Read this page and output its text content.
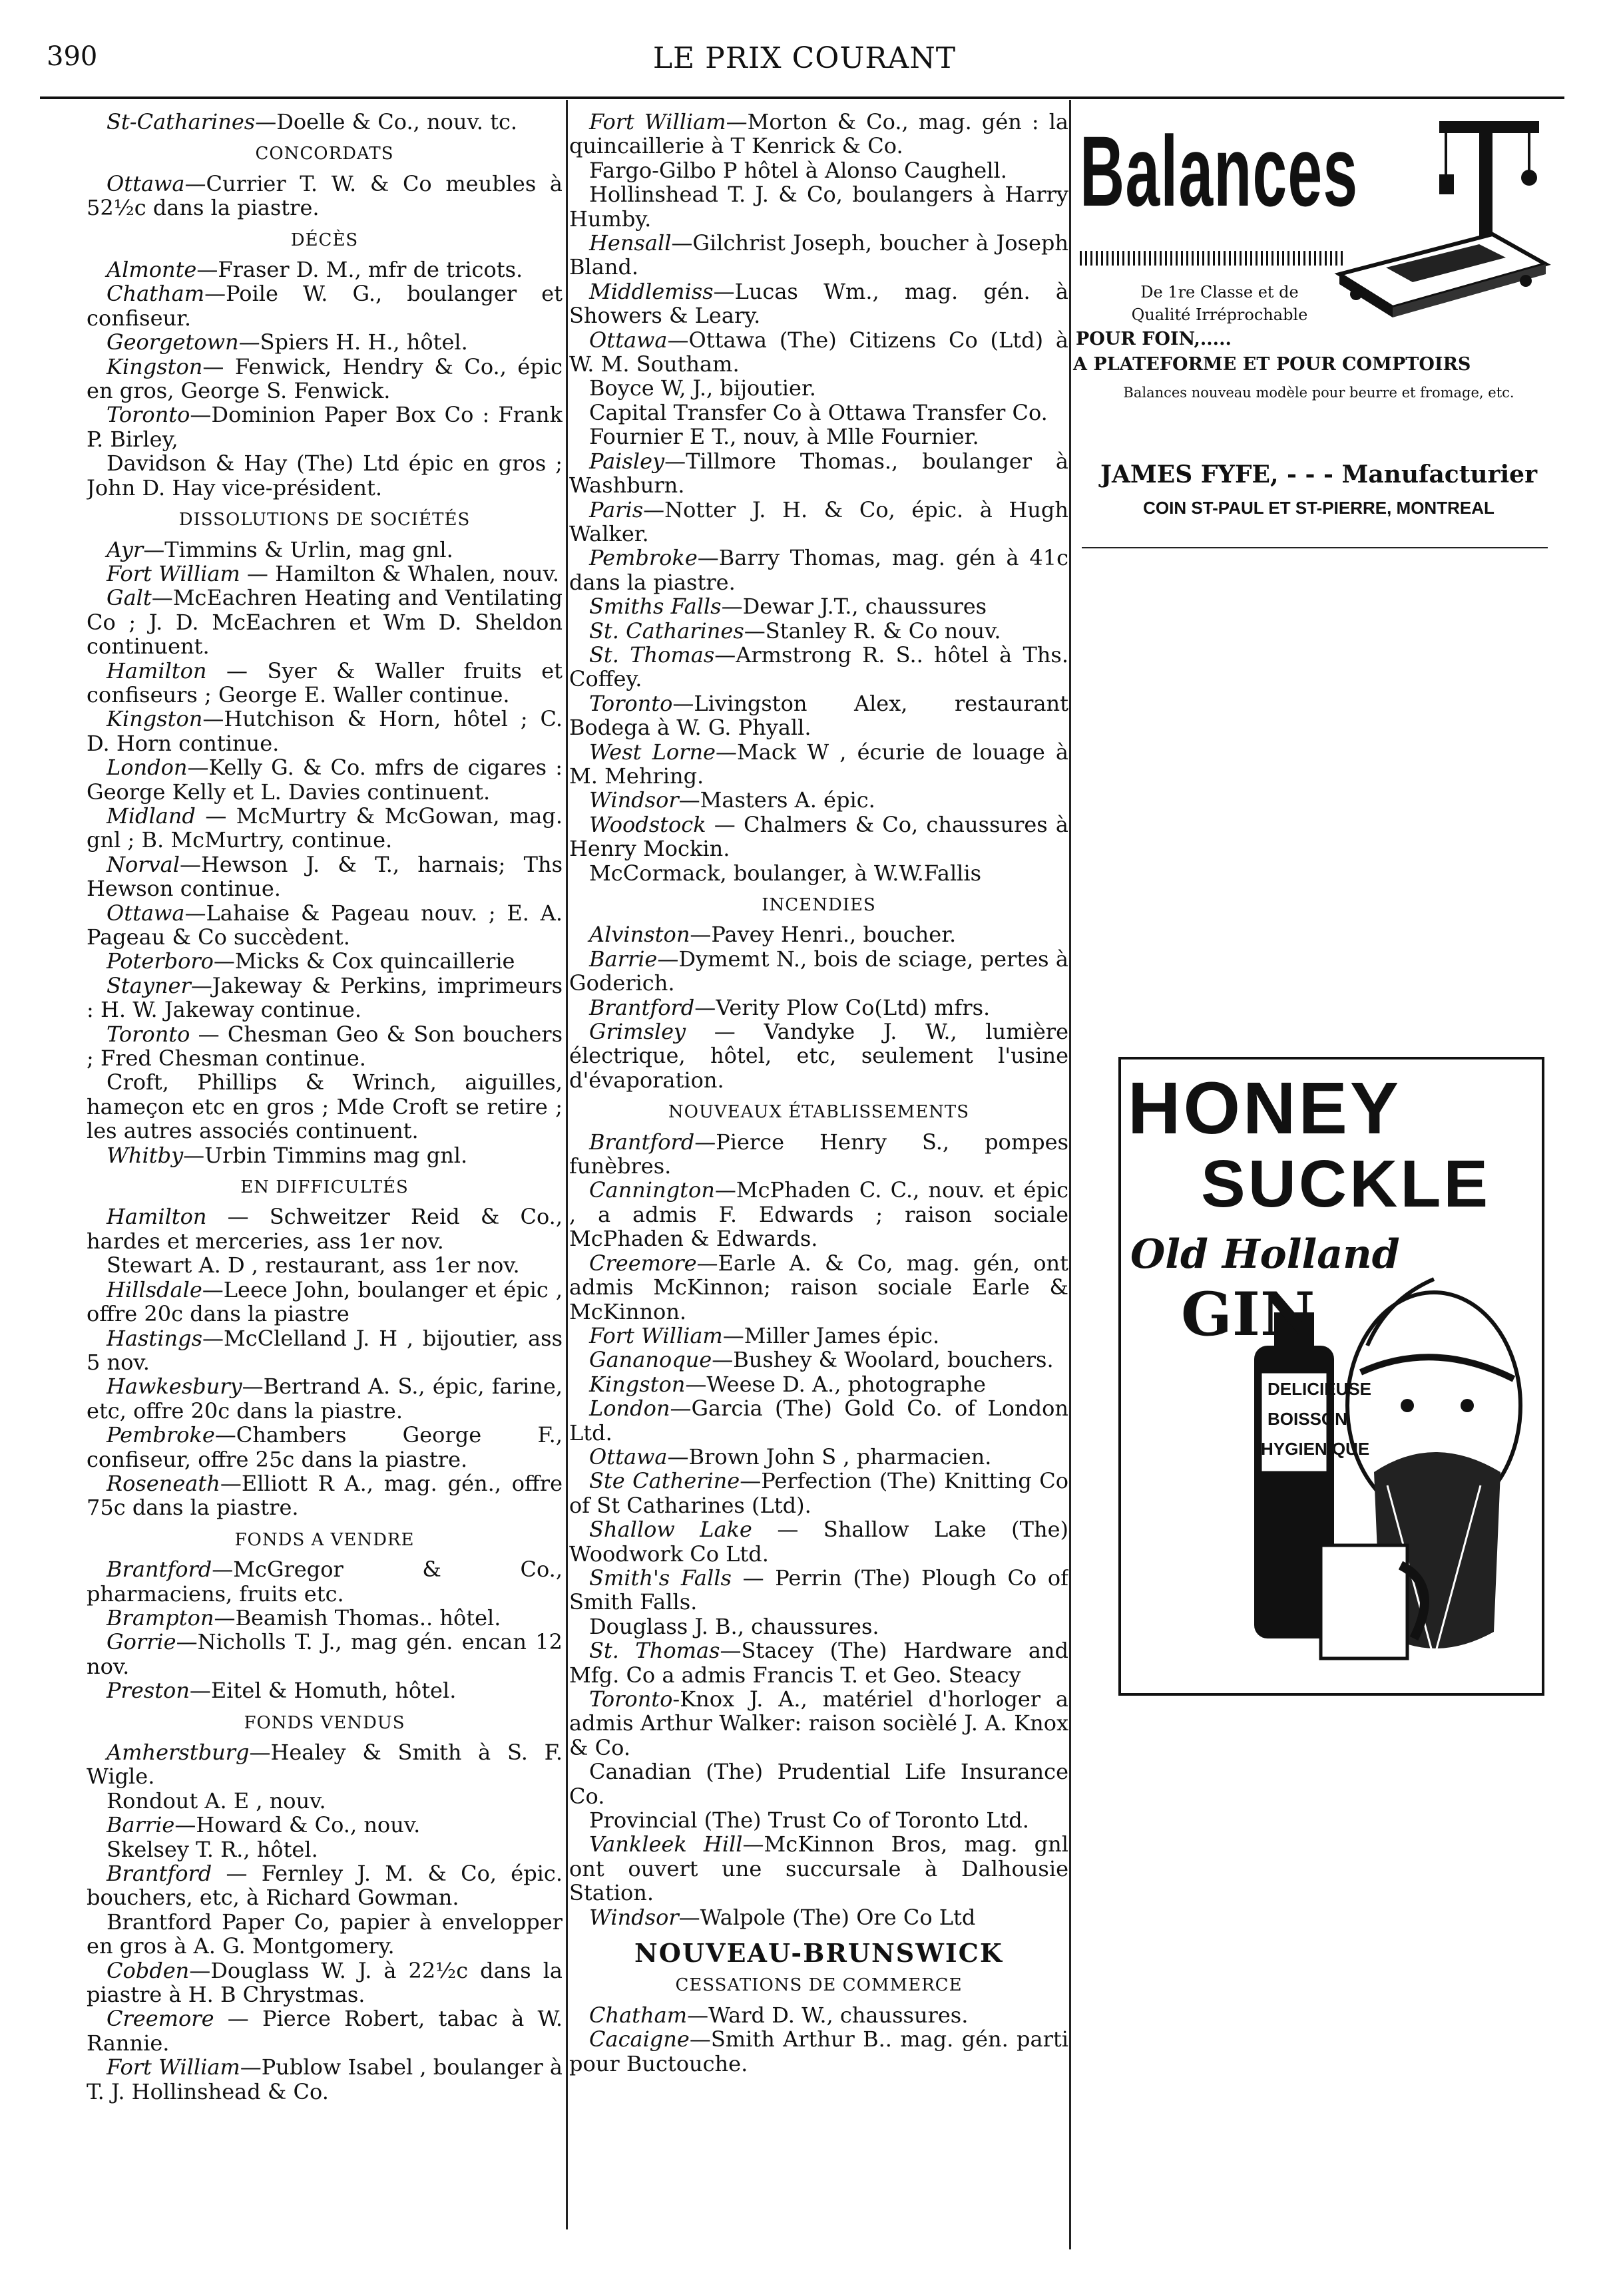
390	LE PRIX COURANT

St-Catharines—Doelle & Co., nouv. tc.

CONCORDATS

Ottawa—Currier T. W. & Co meubles à 52½c dans la piastre.

DÉCÈS

Almonte—Fraser D. M., mfr de tricots.

Chatham—Poile W. G., boulanger et confiseur.

Georgetown—Spiers H. H., hôtel.

Kingston— Fenwick, Hendry & Co., épic en gros, George S. Fenwick.

Toronto—Dominion Paper Box Co : Frank P. Birley,

Davidson & Hay (The) Ltd épic en gros ; John D. Hay vice-président.

DISSOLUTIONS DE SOCIÉTÉS

Ayr—Timmins & Urlin, mag gnl.

Fort William — Hamilton & Whalen, nouv.

Galt—McEachren Heating and Ventilating Co ; J. D. McEachren et Wm D. Sheldon continuent.

Hamilton — Syer & Waller fruits et confiseurs ; George E. Waller continue.

Kingston—Hutchison & Horn, hôtel ; C. D. Horn continue.

London—Kelly G. & Co. mfrs de cigares : George Kelly et L. Davies continuent.

Midland — McMurtry & McGowan, mag. gnl ; B. McMurtry, continue.

Norval—Hewson J. & T., harnais; Ths Hewson continue.

Ottawa—Lahaise & Pageau nouv. ; E. A. Pageau & Co succèdent.

Poterboro—Micks & Cox quincaillerie

Stayner—Jakeway & Perkins, imprimeurs : H. W. Jakeway continue.

Toronto — Chesman Geo & Son bouchers ; Fred Chesman continue.

Croft, Phillips & Wrinch, aiguilles, hameçon etc en gros ; Mde Croft se retire ; les autres associés continuent.

Whitby—Urbin Timmins mag gnl.

EN DIFFICULTÉS

Hamilton — Schweitzer Reid & Co., hardes et merceries, ass 1er nov.

Stewart A. D , restaurant, ass 1er nov.

Hillsdale—Leece John, boulanger et épic , offre 20c dans la piastre

Hastings—McClelland J. H , bijoutier, ass 5 nov.

Hawkesbury—Bertrand A. S., épic, farine, etc, offre 20c dans la piastre.

Pembroke—Chambers George F., confiseur, offre 25c dans la piastre.

Roseneath—Elliott R A., mag. gén., offre 75c dans la piastre.

FONDS A VENDRE

Brantford—McGregor & Co., pharmaciens, fruits etc.

Brampton—Beamish Thomas.. hôtel.

Gorrie—Nicholls T. J., mag gén. encan 12 nov.

Preston—Eitel & Homuth, hôtel.

FONDS VENDUS

Amherstburg—Healey & Smith à S. F. Wigle.

Rondout A. E , nouv.

Barrie—Howard & Co., nouv.

Skelsey T. R., hôtel.

Brantford — Fernley J. M. & Co, épic. bouchers, etc, à Richard Gowman.

Brantford Paper Co, papier à envelopper en gros à A. G. Montgomery.

Cobden—Douglass W. J. à 22½c dans la piastre à H. B Chrystmas.

Creemore — Pierce Robert, tabac à W. Rannie.

Fort William—Publow Isabel , boulanger à T. J. Hollinshead & Co.

Fort William—Morton & Co., mag. gén : la quincaillerie à T Kenrick & Co.

Fargo-Gilbo P hôtel à Alonso Caughell.

Hollinshead T. J. & Co, boulangers à Harry Humby.

Hensall—Gilchrist Joseph, boucher à Joseph Bland.

Middlemiss—Lucas Wm., mag. gén. à Showers & Leary.

Ottawa—Ottawa (The) Citizens Co (Ltd) à W. M. Southam.

Boyce W, J., bijoutier.

Capital Transfer Co à Ottawa Transfer Co.

Fournier E T., nouv, à Mlle Fournier.

Paisley—Tillmore Thomas., boulanger à Washburn.

Paris—Notter J. H. & Co, épic. à Hugh Walker.

Pembroke—Barry Thomas, mag. gén à 41c dans la piastre.

Smiths Falls—Dewar J.T., chaussures

St. Catharines—Stanley R. & Co nouv.

St. Thomas—Armstrong R. S.. hôtel à Ths. Coffey.

Toronto—Livingston Alex, restaurant Bodega à W. G. Phyall.

West Lorne—Mack W , écurie de louage à M. Mehring.

Windsor—Masters A. épic.

Woodstock — Chalmers & Co, chaussures à Henry Mockin.

McCormack, boulanger, à W.W.Fallis

INCENDIES

Alvinston—Pavey Henri., boucher.

Barrie—Dymemt N., bois de sciage, pertes à Goderich.

Brantford—Verity Plow Co(Ltd) mfrs.

Grimsley — Vandyke J. W., lumière électrique, hôtel, etc, seulement l'usine d'évaporation.

NOUVEAUX ÉTABLISSEMENTS

Brantford—Pierce Henry S., pompes funèbres.

Cannington—McPhaden C. C., nouv. et épic , a admis F. Edwards ; raison sociale McPhaden & Edwards.

Creemore—Earle A. & Co, mag. gén, ont admis McKinnon; raison sociale Earle & McKinnon.

Fort William—Miller James épic.

Gananoque—Bushey & Woolard, bouchers.

Kingston—Weese D. A., photographe

London—Garcia (The) Gold Co. of London Ltd.

Ottawa—Brown John S , pharmacien.

Ste Catherine—Perfection (The) Knitting Co of St Catharines (Ltd).

Shallow Lake — Shallow Lake (The) Woodwork Co Ltd.

Smith's Falls — Perrin (The) Plough Co of Smith Falls.

Douglass J. B., chaussures.

St. Thomas—Stacey (The) Hardware and Mfg. Co a admis Francis T. et Geo. Steacy

Toronto-Knox J. A., matériel d'horloger a admis Arthur Walker: raison socièlé J. A. Knox & Co.

Canadian (The) Prudential Life Insurance Co.

Provincial (The) Trust Co of Toronto Ltd.

Vankleek Hill—McKinnon Bros, mag. gnl ont ouvert une succursale à Dalhousie Station.

Windsor—Walpole (The) Ore Co Ltd

NOUVEAU-BRUNSWICK
CESSATIONS DE COMMERCE

Chatham—Ward D. W., chaussures.

Cacaigne—Smith Arthur B.. mag. gén. parti pour Buctouche.

Balances
De 1re Classe et de
Qualité Irréprochable
POUR FOIN,.....
A PLATEFORME ET POUR COMPTOIRS
Balances nouveau modèle pour beurre et fromage, etc.
JAMES FYFE, - - - Manufacturier
COIN ST-PAUL ET ST-PIERRE, MONTREAL
HONEY
SUCKLE
Old Holland
GIN
DELICIEUSE
BOISSON
HYGIENIQUE
